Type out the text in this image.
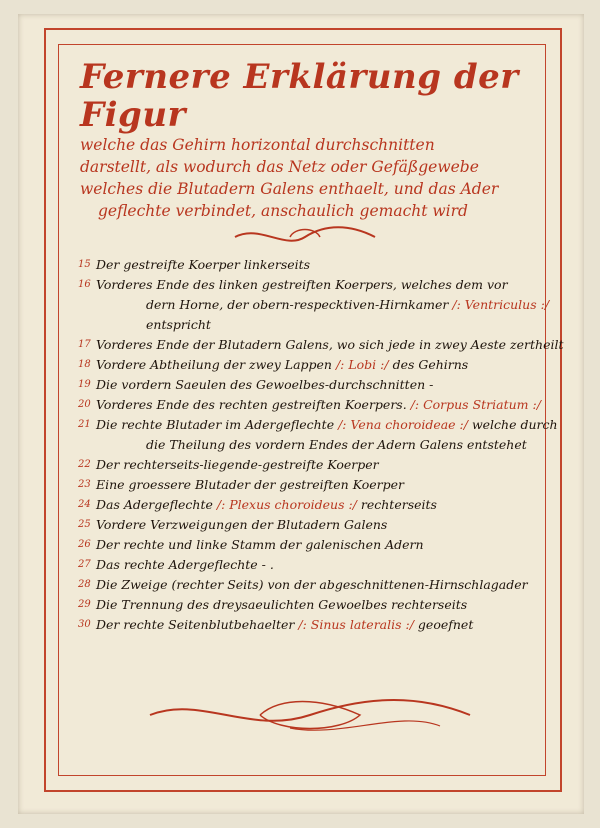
Fernere Erklärung der Figur

welche das Gehirn horizontal durchschnitten

darstellt, als wodurch das Netz oder Gefäßgewebe

welches die Blutadern Galens enthaelt, und das Ader

geflechte verbindet, anschaulich gemacht wird

15 Der gestreifte Koerper linkerseits
16 Vorderes Ende des linken gestreiften Koerpers, welches dem vor
dern Horne, der obern-respecktiven-Hirnkamer /: Ventriculus :/
entspricht
17 Vorderes Ende der Blutadern Galens, wo sich jede in zwey Aeste zertheilt
18 Vordere Abtheilung der zwey Lappen /: Lobi :/ des Gehirns
19 Die vordern Saeulen des Gewoelbes-durchschnitten -
20 Vorderes Ende des rechten gestreiften Koerpers. /: Corpus Striatum :/
21 Die rechte Blutader im Adergeflechte /: Vena choroideae :/ welche durch
die Theilung des vordern Endes der Adern Galens entstehet
22 Der rechterseits-liegende-gestreifte Koerper
23 Eine groessere Blutader der gestreiften Koerper
24 Das Adergeflechte /: Plexus choroideus :/ rechterseits
25 Vordere Verzweigungen der Blutadern Galens
26 Der rechte und linke Stamm der galenischen Adern
27 Das rechte Adergeflechte - .
28 Die Zweige (rechter Seits) von der abgeschnittenen-Hirnschlagader
29 Die Trennung des dreysaeulichten Gewoelbes rechterseits
30 Der rechte Seitenblutbehaelter /: Sinus lateralis :/ geoefnet
